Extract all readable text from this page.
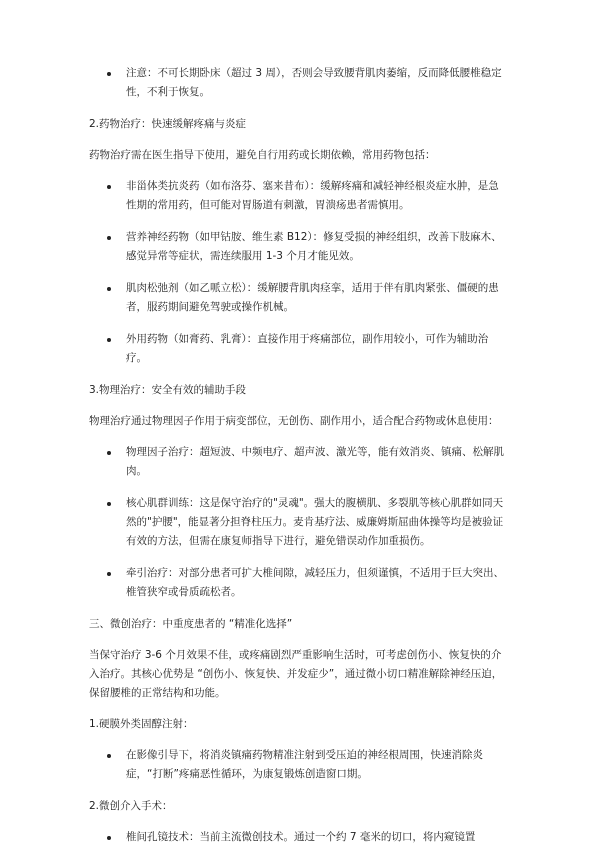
注意：不可长期卧床（超过 3 周），否则会导致腰背肌肉萎缩，反而降低腰椎稳定性，不利于恢复。

2.药物治疗：快速缓解疼痛与炎症

药物治疗需在医生指导下使用，避免自行用药或长期依赖，常用药物包括：

非甾体类抗炎药（如布洛芬、塞来昔布）：缓解疼痛和减轻神经根炎症水肿，是急性期的常用药，但可能对胃肠道有刺激，胃溃疡患者需慎用。
营养神经药物（如甲钴胺、维生素 B12）：修复受损的神经组织，改善下肢麻木、感觉异常等症状，需连续服用 1-3 个月才能见效。
肌肉松弛剂（如乙哌立松）：缓解腰背肌肉痉挛，适用于伴有肌肉紧张、僵硬的患者，服药期间避免驾驶或操作机械。
外用药物（如膏药、乳膏）：直接作用于疼痛部位，副作用较小，可作为辅助治疗。

3.物理治疗：安全有效的辅助手段

物理治疗通过物理因子作用于病变部位，无创伤、副作用小，适合配合药物或休息使用：

物理因子治疗：超短波、中频电疗、超声波、激光等，能有效消炎、镇痛、松解肌肉。
核心肌群训练：这是保守治疗的"灵魂"。强大的腹横肌、多裂肌等核心肌群如同天然的"护腰"，能显著分担脊柱压力。麦肯基疗法、威廉姆斯屈曲体操等均是被验证有效的方法，但需在康复师指导下进行，避免错误动作加重损伤。
牵引治疗：对部分患者可扩大椎间隙，减轻压力，但须谨慎，不适用于巨大突出、椎管狭窄或骨质疏松者。

三、微创治疗：中重度患者的 “精准化选择”

当保守治疗 3-6 个月效果不佳，或疼痛剧烈严重影响生活时，可考虑创伤小、恢复快的介入治疗。其核心优势是 “创伤小、恢复快、并发症少”，通过微小切口精准解除神经压迫，保留腰椎的正常结构和功能。

1.硬膜外类固醇注射：

在影像引导下，将消炎镇痛药物精准注射到受压迫的神经根周围，快速消除炎症，“打断”疼痛恶性循环，为康复锻炼创造窗口期。

2.微创介入手术：

椎间孔镜技术：当前主流微创技术。通过一个约 7 毫米的切口，将内窥镜置
